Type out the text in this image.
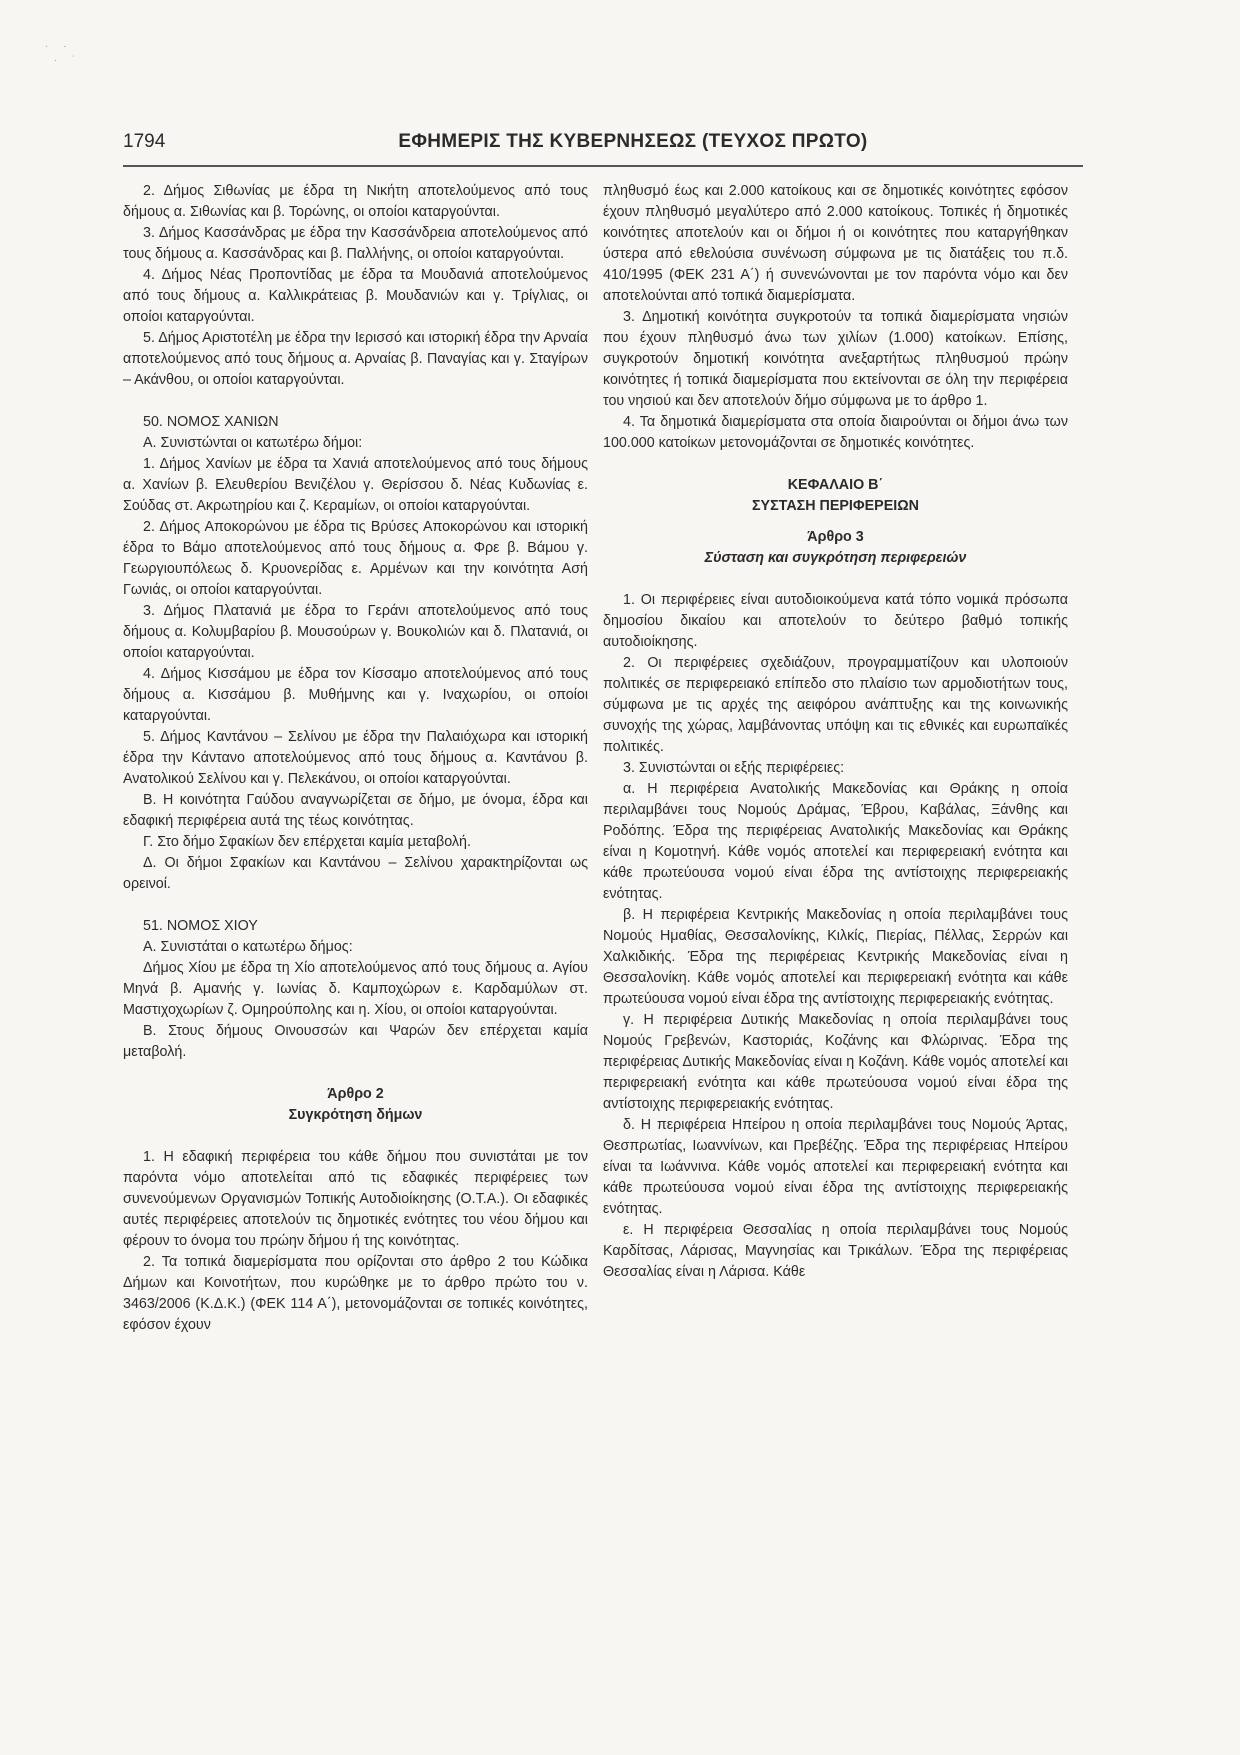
· ·
· ˙
1794	ΕΦΗΜΕΡΙΣ ΤΗΣ ΚΥΒΕΡΝΗΣΕΩΣ (ΤΕΥΧΟΣ ΠΡΩΤΟ)

2. Δήμος Σιθωνίας με έδρα τη Νικήτη αποτελούμενος από τους δήμους α. Σιθωνίας και β. Τορώνης, οι οποίοι καταργούνται.

3. Δήμος Κασσάνδρας με έδρα την Κασσάνδρεια αποτελούμενος από τους δήμους α. Κασσάνδρας και β. Παλλήνης, οι οποίοι καταργούνται.

4. Δήμος Νέας Προποντίδας με έδρα τα Μουδανιά αποτελούμενος από τους δήμους α. Καλλικράτειας β. Μουδανιών και γ. Τρίγλιας, οι οποίοι καταργούνται.

5. Δήμος Αριστοτέλη με έδρα την Ιερισσό και ιστορική έδρα την Αρναία αποτελούμενος από τους δήμους α. Αρναίας β. Παναγίας και γ. Σταγίρων – Ακάνθου, οι οποίοι καταργούνται.

50. ΝΟΜΟΣ ΧΑΝΙΩΝ

Α. Συνιστώνται οι κατωτέρω δήμοι:

1. Δήμος Χανίων με έδρα τα Χανιά αποτελούμενος από τους δήμους α. Χανίων β. Ελευθερίου Βενιζέλου γ. Θερίσσου δ. Νέας Κυδωνίας ε. Σούδας στ. Ακρωτηρίου και ζ. Κεραμίων, οι οποίοι καταργούνται.

2. Δήμος Αποκορώνου με έδρα τις Βρύσες Αποκορώνου και ιστορική έδρα το Βάμο αποτελούμενος από τους δήμους α. Φρε β. Βάμου γ. Γεωργιουπόλεως δ. Κρυονερίδας ε. Αρμένων και την κοινότητα Ασή Γωνιάς, οι οποίοι καταργούνται.

3. Δήμος Πλατανιά με έδρα το Γεράνι αποτελούμενος από τους δήμους α. Κολυμβαρίου β. Μουσούρων γ. Βουκολιών και δ. Πλατανιά, οι οποίοι καταργούνται.

4. Δήμος Κισσάμου με έδρα τον Κίσσαμο αποτελούμενος από τους δήμους α. Κισσάμου β. Μυθήμνης και γ. Ιναχωρίου, οι οποίοι καταργούνται.

5. Δήμος Καντάνου – Σελίνου με έδρα την Παλαιόχωρα και ιστορική έδρα την Κάντανο αποτελούμενος από τους δήμους α. Καντάνου β. Ανατολικού Σελίνου και γ. Πελεκάνου, οι οποίοι καταργούνται.

Β. Η κοινότητα Γαύδου αναγνωρίζεται σε δήμο, με όνομα, έδρα και εδαφική περιφέρεια αυτά της τέως κοινότητας.

Γ. Στο δήμο Σφακίων δεν επέρχεται καμία μεταβολή.

Δ. Οι δήμοι Σφακίων και Καντάνου – Σελίνου χαρακτηρίζονται ως ορεινοί.

51. ΝΟΜΟΣ ΧΙΟΥ

Α. Συνιστάται ο κατωτέρω δήμος:

Δήμος Χίου με έδρα τη Χίο αποτελούμενος από τους δήμους α. Αγίου Μηνά β. Αμανής γ. Ιωνίας δ. Καμποχώρων ε. Καρδαμύλων στ. Μαστιχοχωρίων ζ. Ομηρούπολης και η. Χίου, οι οποίοι καταργούνται.

Β. Στους δήμους Οινουσσών και Ψαρών δεν επέρχεται καμία μεταβολή.

Άρθρο 2

Συγκρότηση δήμων

1. Η εδαφική περιφέρεια του κάθε δήμου που συνιστάται με τον παρόντα νόμο αποτελείται από τις εδαφικές περιφέρειες των συνενούμενων Οργανισμών Τοπικής Αυτοδιοίκησης (Ο.Τ.Α.). Οι εδαφικές αυτές περιφέρειες αποτελούν τις δημοτικές ενότητες του νέου δήμου και φέρουν το όνομα του πρώην δήμου ή της κοινότητας.

2. Τα τοπικά διαμερίσματα που ορίζονται στο άρθρο 2 του Κώδικα Δήμων και Κοινοτήτων, που κυρώθηκε με το άρθρο πρώτο του ν. 3463/2006 (Κ.Δ.Κ.) (ΦΕΚ 114 Α΄), μετονομάζονται σε τοπικές κοινότητες, εφόσον έχουν

πληθυσμό έως και 2.000 κατοίκους και σε δημοτικές κοινότητες εφόσον έχουν πληθυσμό μεγαλύτερο από 2.000 κατοίκους. Τοπικές ή δημοτικές κοινότητες αποτελούν και οι δήμοι ή οι κοινότητες που καταργήθηκαν ύστερα από εθελούσια συνένωση σύμφωνα με τις διατάξεις του π.δ. 410/1995 (ΦΕΚ 231 Α΄) ή συνενώνονται με τον παρόντα νόμο και δεν αποτελούνται από τοπικά διαμερίσματα.

3. Δημοτική κοινότητα συγκροτούν τα τοπικά διαμερίσματα νησιών που έχουν πληθυσμό άνω των χιλίων (1.000) κατοίκων. Επίσης, συγκροτούν δημοτική κοινότητα ανεξαρτήτως πληθυσμού πρώην κοινότητες ή τοπικά διαμερίσματα που εκτείνονται σε όλη την περιφέρεια του νησιού και δεν αποτελούν δήμο σύμφωνα με το άρθρο 1.

4. Τα δημοτικά διαμερίσματα στα οποία διαιρούνται οι δήμοι άνω των 100.000 κατοίκων μετονομάζονται σε δημοτικές κοινότητες.

ΚΕΦΑΛΑΙΟ Β΄

ΣΥΣΤΑΣΗ ΠΕΡΙΦΕΡΕΙΩΝ

Άρθρο 3

Σύσταση και συγκρότηση περιφερειών

1. Οι περιφέρειες είναι αυτοδιοικούμενα κατά τόπο νομικά πρόσωπα δημοσίου δικαίου και αποτελούν το δεύτερο βαθμό τοπικής αυτοδιοίκησης.

2. Οι περιφέρειες σχεδιάζουν, προγραμματίζουν και υλοποιούν πολιτικές σε περιφερειακό επίπεδο στο πλαίσιο των αρμοδιοτήτων τους, σύμφωνα με τις αρχές της αειφόρου ανάπτυξης και της κοινωνικής συνοχής της χώρας, λαμβάνοντας υπόψη και τις εθνικές και ευρωπαϊκές πολιτικές.

3. Συνιστώνται οι εξής περιφέρειες:

α. Η περιφέρεια Ανατολικής Μακεδονίας και Θράκης η οποία περιλαμβάνει τους Νομούς Δράμας, Έβρου, Καβάλας, Ξάνθης και Ροδόπης. Έδρα της περιφέρειας Ανατολικής Μακεδονίας και Θράκης είναι η Κομοτηνή. Κάθε νομός αποτελεί και περιφερειακή ενότητα και κάθε πρωτεύουσα νομού είναι έδρα της αντίστοιχης περιφερειακής ενότητας.

β. Η περιφέρεια Κεντρικής Μακεδονίας η οποία περιλαμβάνει τους Νομούς Ημαθίας, Θεσσαλονίκης, Κιλκίς, Πιερίας, Πέλλας, Σερρών και Χαλκιδικής. Έδρα της περιφέρειας Κεντρικής Μακεδονίας είναι η Θεσσαλονίκη. Κάθε νομός αποτελεί και περιφερειακή ενότητα και κάθε πρωτεύουσα νομού είναι έδρα της αντίστοιχης περιφερειακής ενότητας.

γ. Η περιφέρεια Δυτικής Μακεδονίας η οποία περιλαμβάνει τους Νομούς Γρεβενών, Καστοριάς, Κοζάνης και Φλώρινας. Έδρα της περιφέρειας Δυτικής Μακεδονίας είναι η Κοζάνη. Κάθε νομός αποτελεί και περιφερειακή ενότητα και κάθε πρωτεύουσα νομού είναι έδρα της αντίστοιχης περιφερειακής ενότητας.

δ. Η περιφέρεια Ηπείρου η οποία περιλαμβάνει τους Νομούς Άρτας, Θεσπρωτίας, Ιωαννίνων, και Πρεβέζης. Έδρα της περιφέρειας Ηπείρου είναι τα Ιωάννινα. Κάθε νομός αποτελεί και περιφερειακή ενότητα και κάθε πρωτεύουσα νομού είναι έδρα της αντίστοιχης περιφερειακής ενότητας.

ε. Η περιφέρεια Θεσσαλίας η οποία περιλαμβάνει τους Νομούς Καρδίτσας, Λάρισας, Μαγνησίας και Τρικάλων. Έδρα της περιφέρειας Θεσσαλίας είναι η Λάρισα. Κάθε
